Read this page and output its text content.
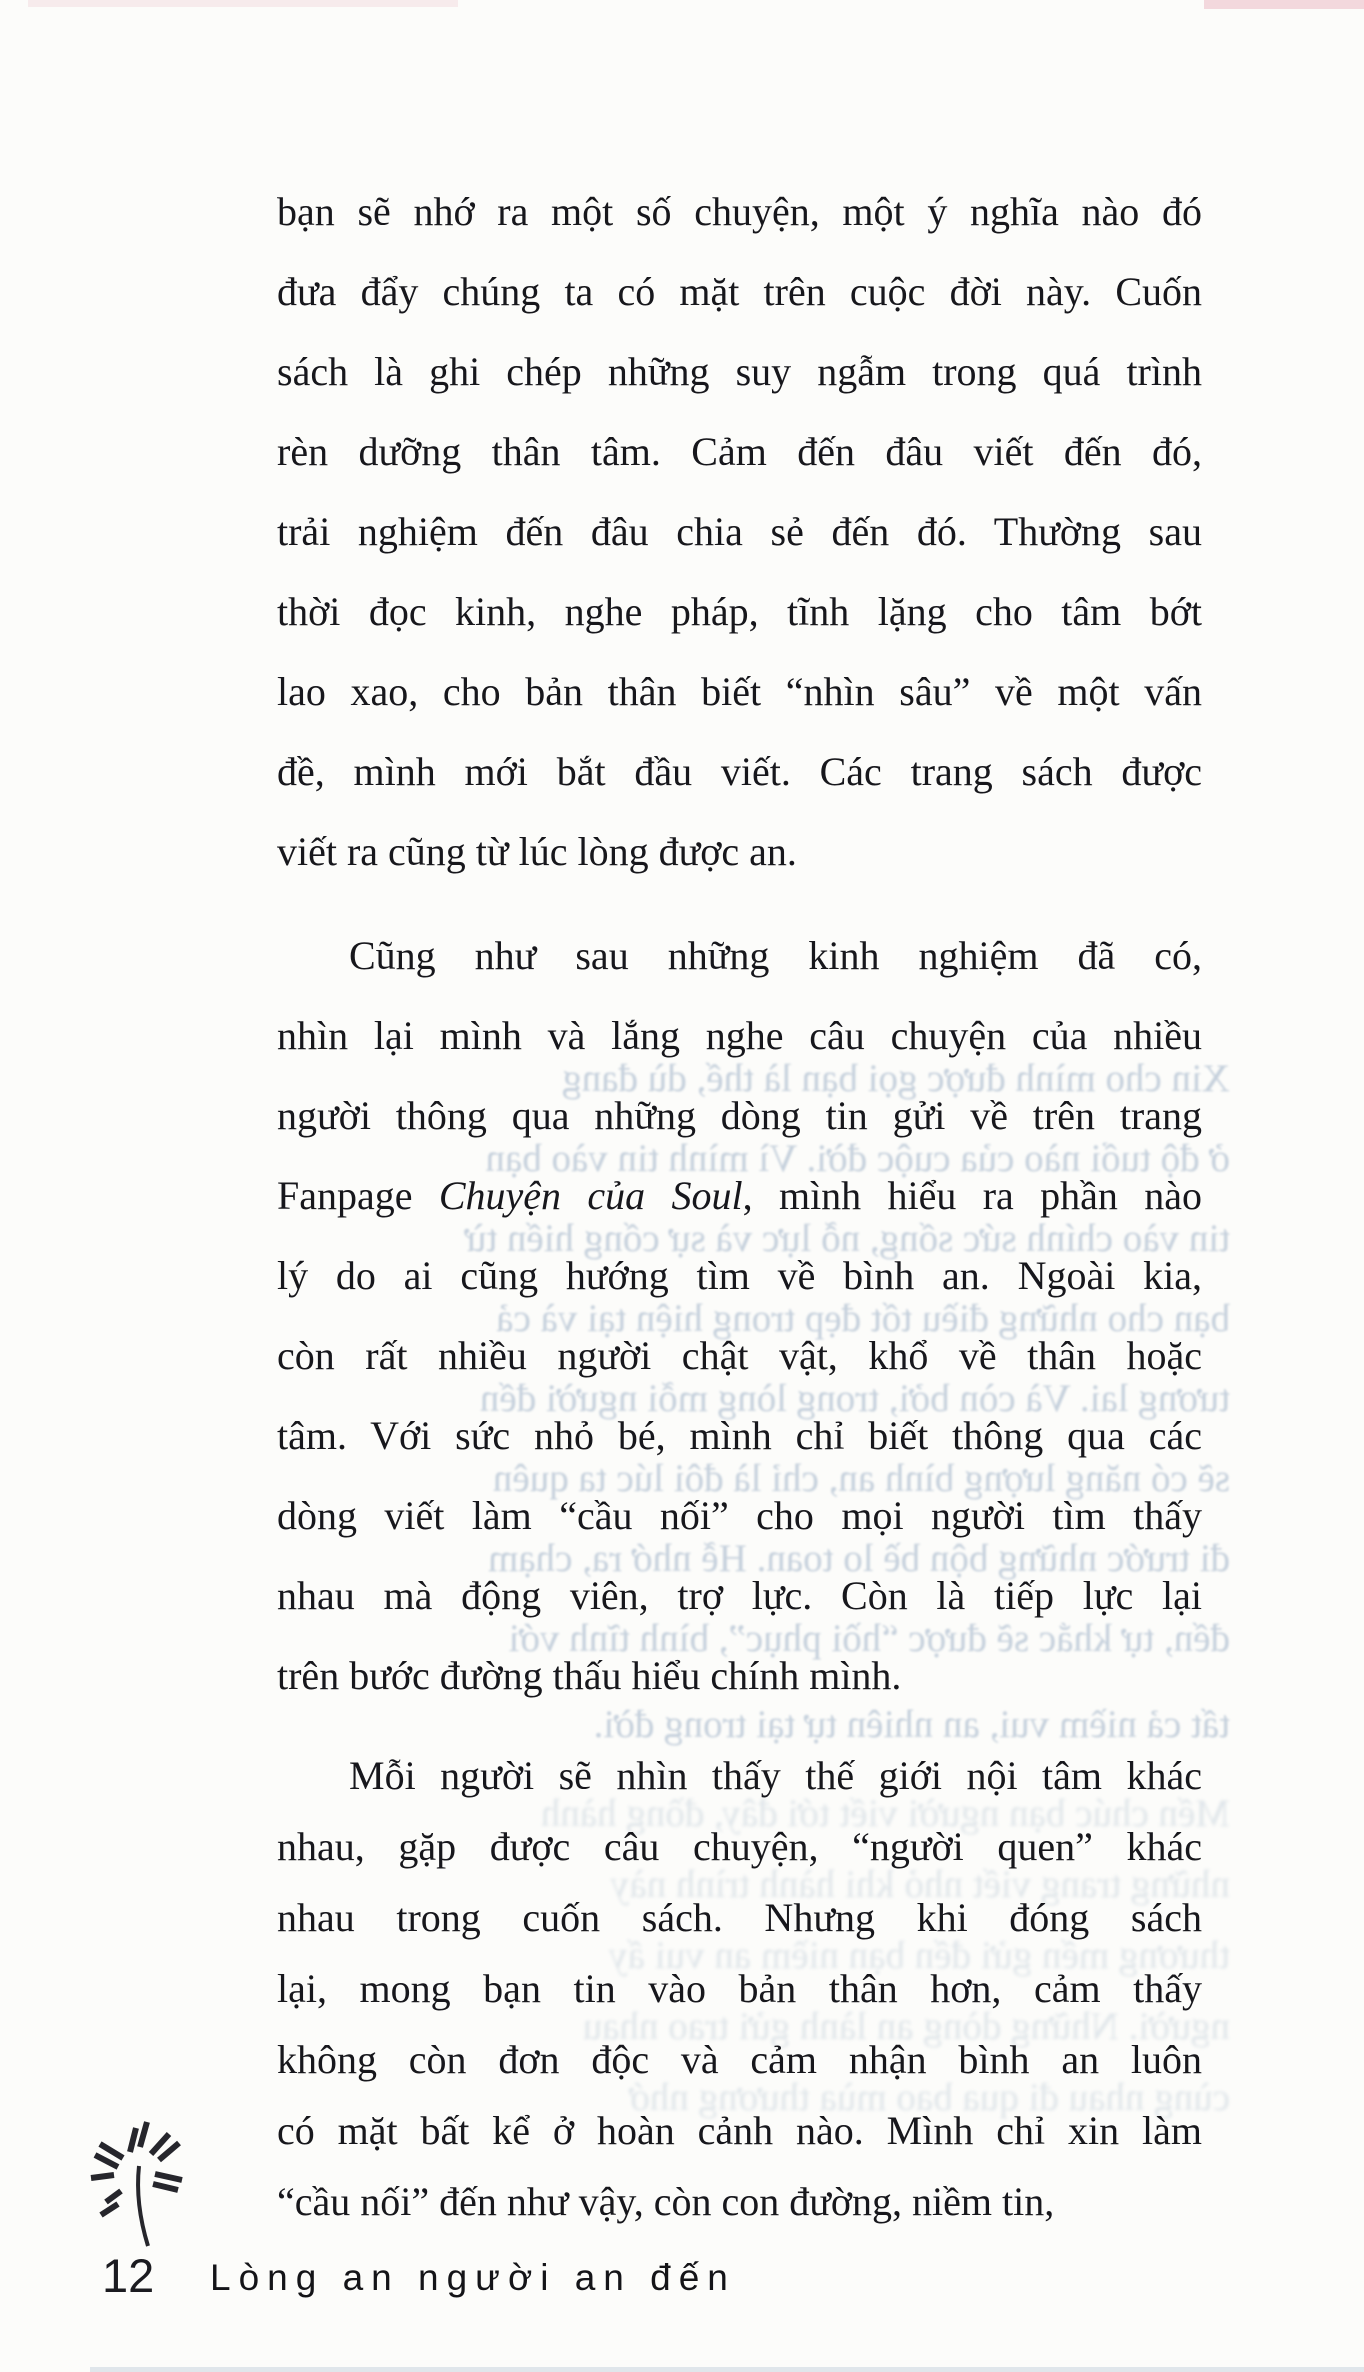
Xin cho mình được gọi bạn là thế, dù đang
ở độ tuổi nào của cuộc đời. Vì mình tin vào bạn
tin vào chính sức sống, nỗ lực và sự cống hiến từ
bạn cho những điều tốt đẹp trong hiện tại và cả
tương lai. Và còn bởi, trong lòng mỗi người đến
sẽ có năng lượng bình an, chỉ là đôi lúc ta quên
đi trước những bộn bề lo toan. Hễ nhớ ra, chạm
đến, tự khắc sẽ được “hồi phục”, bình tĩnh với
tất cả niềm vui, an nhiên tự tại trong đời.
Mến chúc bạn người viết tới đây, đồng hành
những trang viết nhỏ khi hành trình này
thương mến gửi đến bạn niềm an vui ấy
người. Những dòng an lành gửi trao nhau
cùng nhau đi qua bao mùa thương nhớ
bạn sẽ nhớ ra một số chuyện, một ý nghĩa nào đó
đưa đẩy chúng ta có mặt trên cuộc đời này. Cuốn
sách là ghi chép những suy ngẫm trong quá trình
rèn dưỡng thân tâm. Cảm đến đâu viết đến đó,
trải nghiệm đến đâu chia sẻ đến đó. Thường sau
thời đọc kinh, nghe pháp, tĩnh lặng cho tâm bớt
lao xao, cho bản thân biết “nhìn sâu” về một vấn
đề, mình mới bắt đầu viết. Các trang sách được
viết ra cũng từ lúc lòng được an.
Cũng như sau những kinh nghiệm đã có,
nhìn lại mình và lắng nghe câu chuyện của nhiều
người thông qua những dòng tin gửi về trên trang
Fanpage Chuyện của Soul, mình hiểu ra phần nào
lý do ai cũng hướng tìm về bình an. Ngoài kia,
còn rất nhiều người chật vật, khổ về thân hoặc
tâm. Với sức nhỏ bé, mình chỉ biết thông qua các
dòng viết làm “cầu nối” cho mọi người tìm thấy
nhau mà động viên, trợ lực. Còn là tiếp lực lại
trên bước đường thấu hiểu chính mình.
Mỗi người sẽ nhìn thấy thế giới nội tâm khác
nhau, gặp được câu chuyện, “người quen” khác
nhau trong cuốn sách. Nhưng khi đóng sách
lại, mong bạn tin vào bản thân hơn, cảm thấy
không còn đơn độc và cảm nhận bình an luôn
có mặt bất kể ở hoàn cảnh nào. Mình chỉ xin làm
“cầu nối” đến như vậy, còn con đường, niềm tin,
12 Lòng an người an đến
